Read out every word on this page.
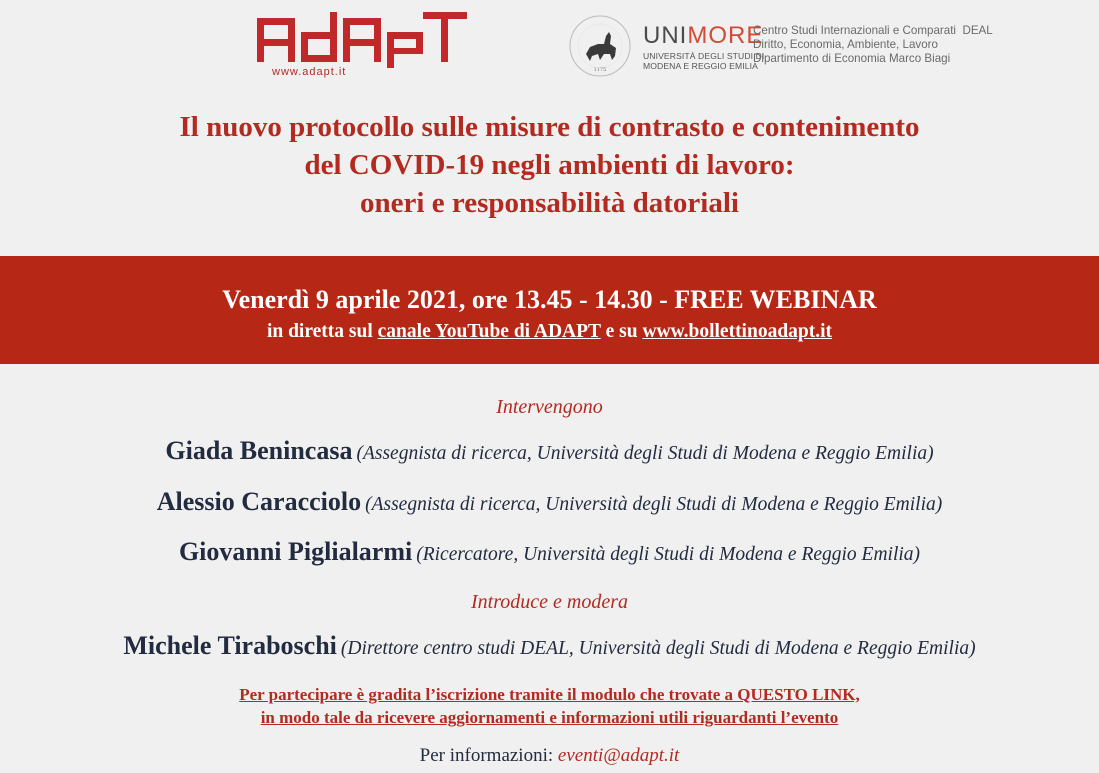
www.adapt.it	1175
UNIMORE
UNIVERSITÀ DEGLI STUDI DI
MODENA E REGGIO EMILIA
Centro Studi Internazionali e Comparati  DEAL
Diritto, Economia, Ambiente, Lavoro
Dipartimento di Economia Marco Biagi
Il nuovo protocollo sulle misure di contrasto e contenimento
del COVID-19 negli ambienti di lavoro:
oneri e responsabilità datoriali
Venerdì 9 aprile 2021, ore 13.45 - 14.30 - FREE WEBINAR
in diretta sul canale YouTube di ADAPT e su www.bollettinoadapt.it
Intervengono
Giada Benincasa (Assegnista di ricerca, Università degli Studi di Modena e Reggio Emilia)
Alessio Caracciolo (Assegnista di ricerca, Università degli Studi di Modena e Reggio Emilia)
Giovanni Piglialarmi (Ricercatore, Università degli Studi di Modena e Reggio Emilia)
Introduce e modera
Michele Tiraboschi (Direttore centro studi DEAL, Università degli Studi di Modena e Reggio Emilia)
Per partecipare è gradita l’iscrizione tramite il modulo che trovate a QUESTO LINK,
in modo tale da ricevere aggiornamenti e informazioni utili riguardanti l’evento
Per informazioni: eventi@adapt.it
